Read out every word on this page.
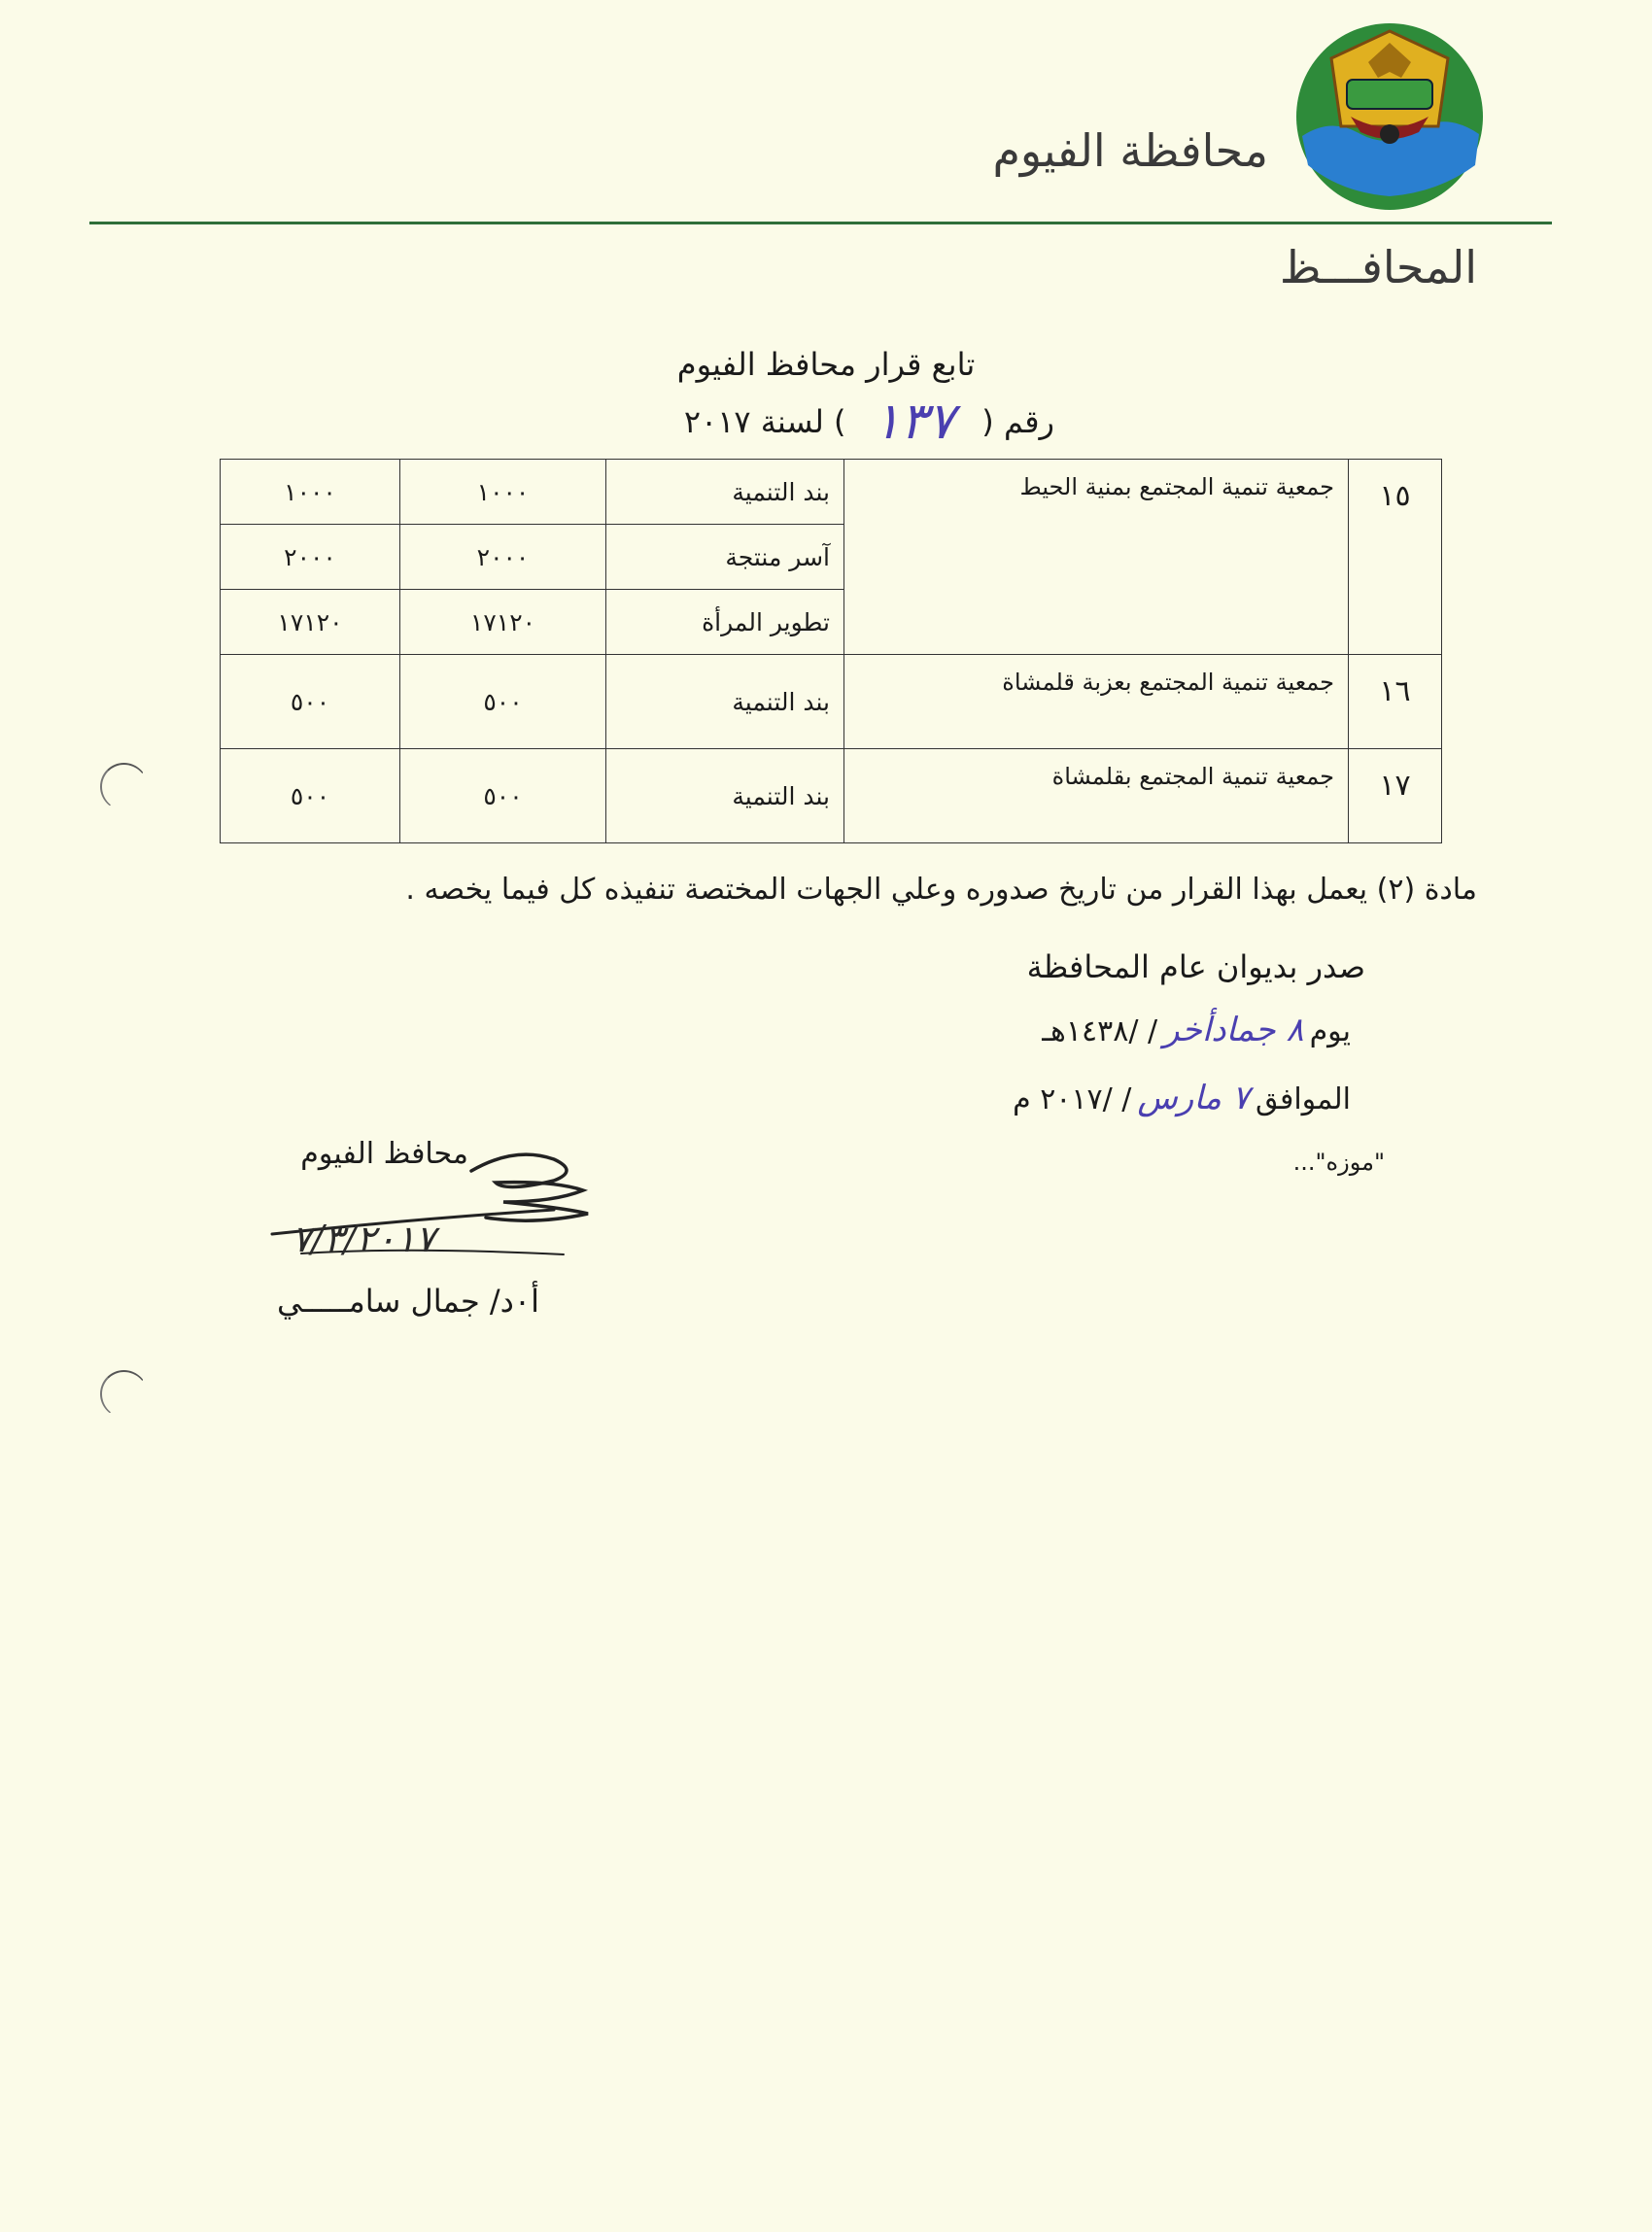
محافظة الفيوم
المحافـــظ
تابع قرار محافظ الفيوم
رقم (
١٣٧
) لسنة ٢٠١٧
١٥	جمعية تنمية المجتمع بمنية الحيط	بند التنمية	١٠٠٠	١٠٠٠
		آسر منتجة	٢٠٠٠	٢٠٠٠
		تطوير المرأة	١٧١٢٠	١٧١٢٠
١٦	جمعية تنمية المجتمع بعزبة قلمشاة	بند التنمية	٥٠٠	٥٠٠
١٧	جمعية تنمية المجتمع بقلمشاة	بند التنمية	٥٠٠	٥٠٠
مادة (٢) يعمل بهذا القرار من تاريخ صدوره وعلي الجهات المختصة تنفيذه كل فيما يخصه .
صدر بديوان عام المحافظة
يوم
٨ جمادأخر
/ /١٤٣٨هـ
الموافق
٧ مارس
/ /٢٠١٧ م
"موزه"...
محافظ الفيوم
٧/٣/٢٠١٧
أ٠د/ جمال سامـــــي
